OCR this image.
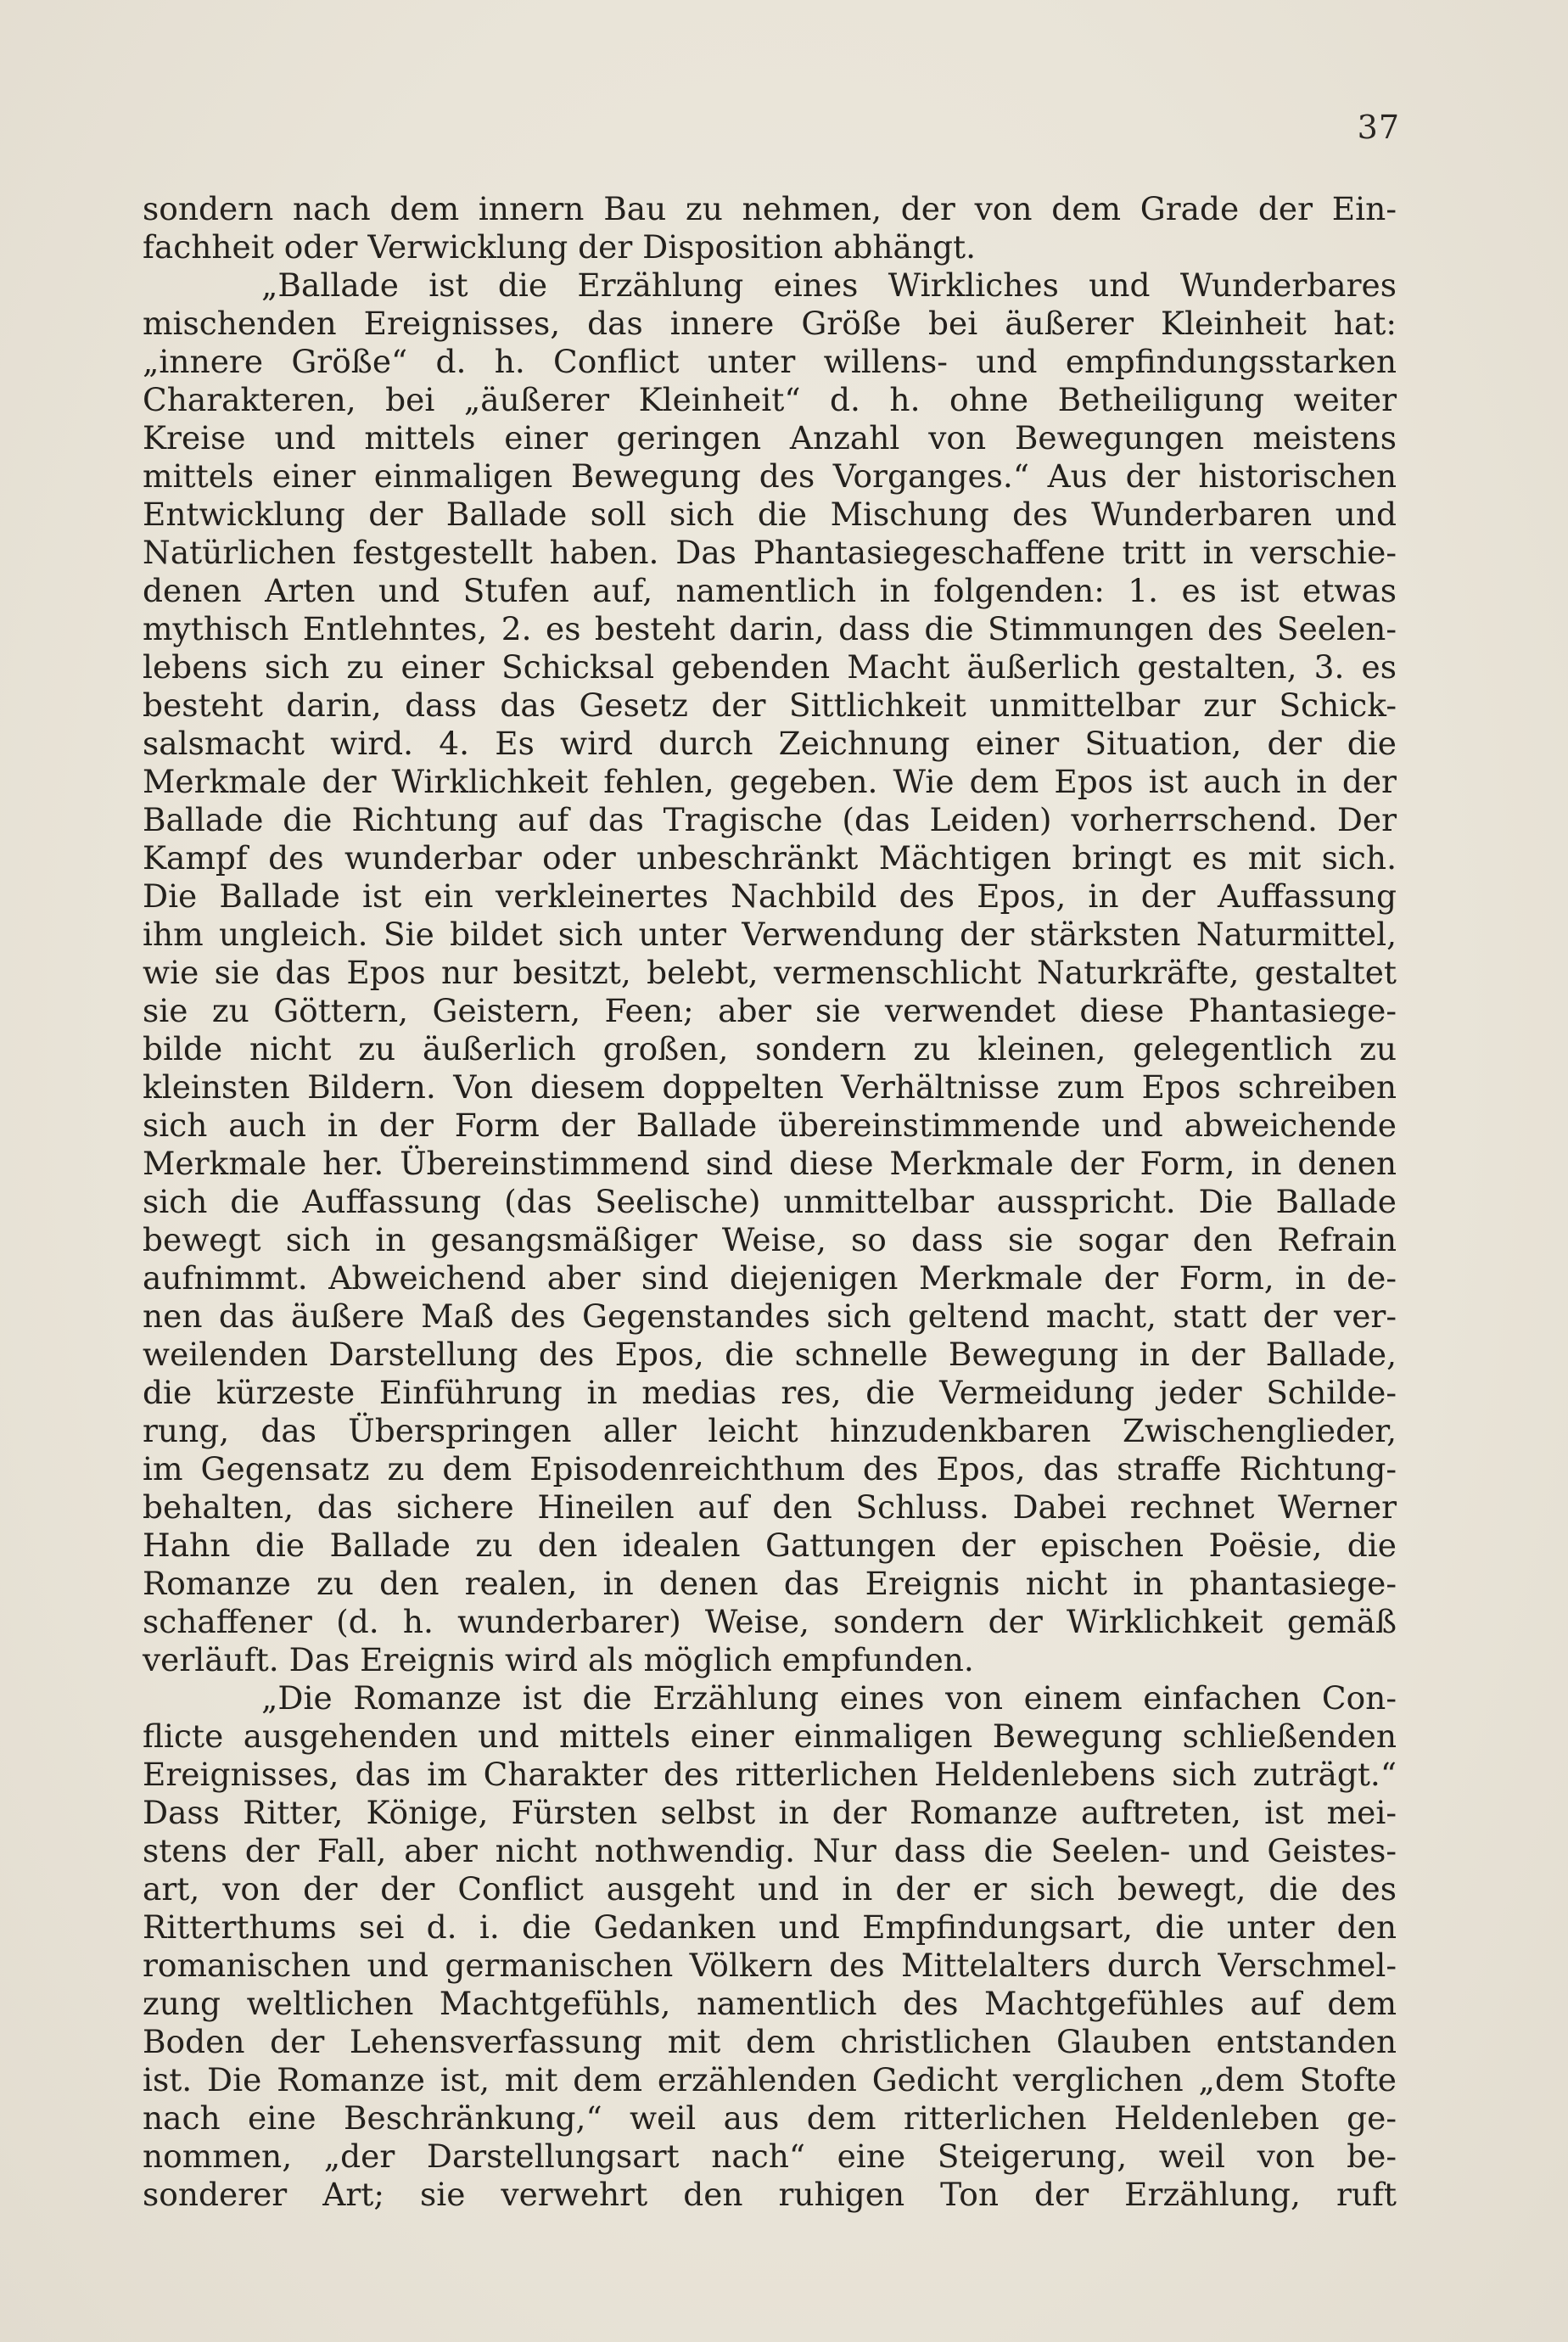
37
sondern nach dem innern Bau zu nehmen, der von dem Grade der Ein-
fachheit oder Verwicklung der Disposition abhängt.
„Ballade ist die Erzählung eines Wirkliches und Wunderbares
mischenden Ereignisses, das innere Größe bei äußerer Kleinheit hat:
„innere Größe“ d. h. Conflict unter willens- und empfindungsstarken
Charakteren, bei „äußerer Kleinheit“ d. h. ohne Betheiligung weiter
Kreise und mittels einer geringen Anzahl von Bewegungen meistens
mittels einer einmaligen Bewegung des Vorganges.“ Aus der historischen
Entwicklung der Ballade soll sich die Mischung des Wunderbaren und
Natürlichen festgestellt haben. Das Phantasiegeschaffene tritt in verschie-
denen Arten und Stufen auf, namentlich in folgenden: 1. es ist etwas
mythisch Entlehntes, 2. es besteht darin, dass die Stimmungen des Seelen-
lebens sich zu einer Schicksal gebenden Macht äußerlich gestalten, 3. es
besteht darin, dass das Gesetz der Sittlichkeit unmittelbar zur Schick-
salsmacht wird. 4. Es wird durch Zeichnung einer Situation, der die
Merkmale der Wirklichkeit fehlen, gegeben. Wie dem Epos ist auch in der
Ballade die Richtung auf das Tragische (das Leiden) vorherrschend. Der
Kampf des wunderbar oder unbeschränkt Mächtigen bringt es mit sich.
Die Ballade ist ein verkleinertes Nachbild des Epos, in der Auffassung
ihm ungleich. Sie bildet sich unter Verwendung der stärksten Naturmittel,
wie sie das Epos nur besitzt, belebt, vermenschlicht Naturkräfte, gestaltet
sie zu Göttern, Geistern, Feen; aber sie verwendet diese Phantasiege-
bilde nicht zu äußerlich großen, sondern zu kleinen, gelegentlich zu
kleinsten Bildern. Von diesem doppelten Verhältnisse zum Epos schreiben
sich auch in der Form der Ballade übereinstimmende und abweichende
Merkmale her. Übereinstimmend sind diese Merkmale der Form, in denen
sich die Auffassung (das Seelische) unmittelbar ausspricht. Die Ballade
bewegt sich in gesangsmäßiger Weise, so dass sie sogar den Refrain
aufnimmt. Abweichend aber sind diejenigen Merkmale der Form, in de-
nen das äußere Maß des Gegenstandes sich geltend macht, statt der ver-
weilenden Darstellung des Epos, die schnelle Bewegung in der Ballade,
die kürzeste Einführung in medias res, die Vermeidung jeder Schilde-
rung, das Überspringen aller leicht hinzudenkbaren Zwischenglieder,
im Gegensatz zu dem Episodenreichthum des Epos, das straffe Richtung-
behalten, das sichere Hineilen auf den Schluss. Dabei rechnet Werner
Hahn die Ballade zu den idealen Gattungen der epischen Poësie, die
Romanze zu den realen, in denen das Ereignis nicht in phantasiege-
schaffener (d. h. wunderbarer) Weise, sondern der Wirklichkeit gemäß
verläuft. Das Ereignis wird als möglich empfunden.
„Die Romanze ist die Erzählung eines von einem einfachen Con-
flicte ausgehenden und mittels einer einmaligen Bewegung schließenden
Ereignisses, das im Charakter des ritterlichen Heldenlebens sich zuträgt.“
Dass Ritter, Könige, Fürsten selbst in der Romanze auftreten, ist mei-
stens der Fall, aber nicht nothwendig. Nur dass die Seelen- und Geistes-
art, von der der Conflict ausgeht und in der er sich bewegt, die des
Ritterthums sei d. i. die Gedanken und Empfindungsart, die unter den
romanischen und germanischen Völkern des Mittelalters durch Verschmel-
zung weltlichen Machtgefühls, namentlich des Machtgefühles auf dem
Boden der Lehensverfassung mit dem christlichen Glauben entstanden
ist. Die Romanze ist, mit dem erzählenden Gedicht verglichen „dem Stofte
nach eine Beschränkung,“ weil aus dem ritterlichen Heldenleben ge-
nommen, „der Darstellungsart nach“ eine Steigerung, weil von be-
sonderer Art; sie verwehrt den ruhigen Ton der Erzählung, ruft
